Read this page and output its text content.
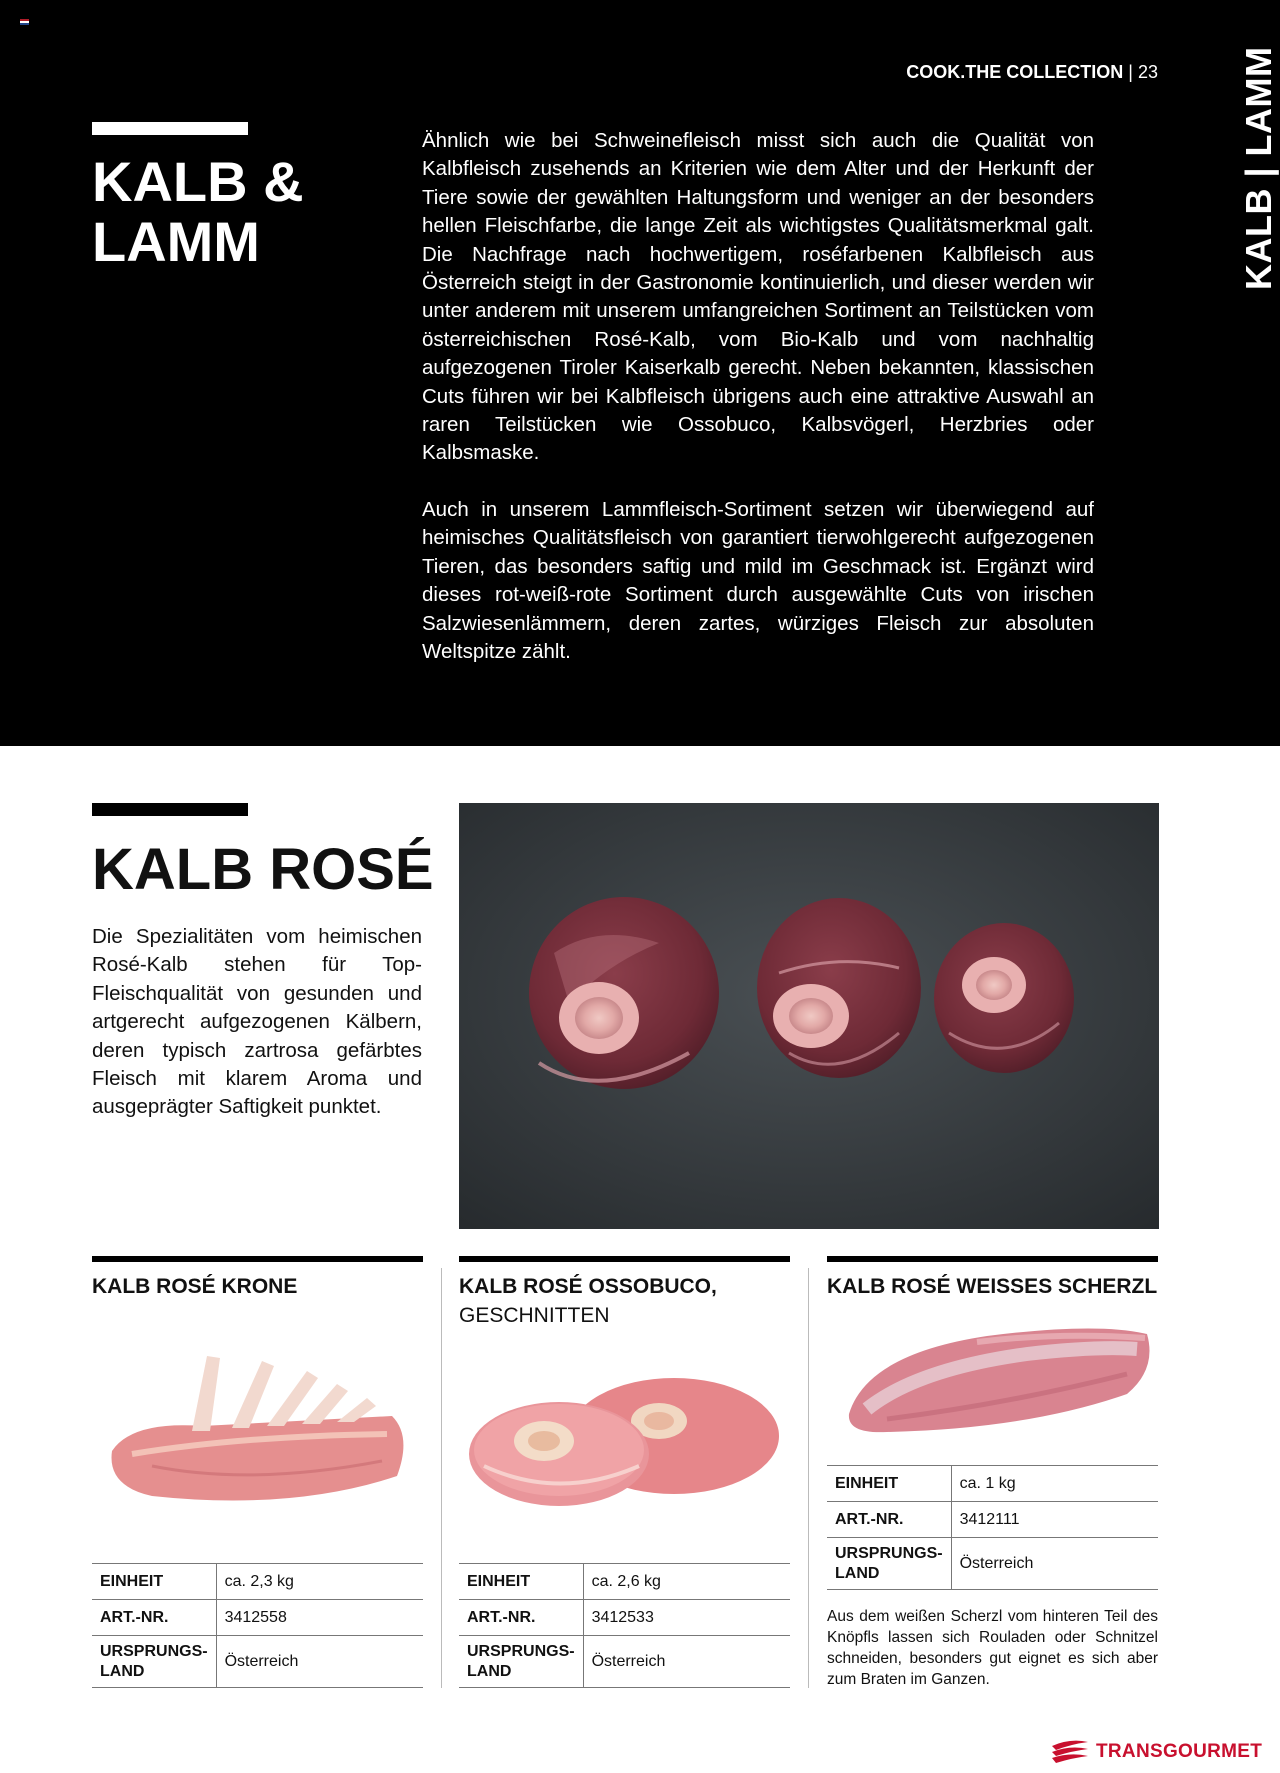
COOK.THE COLLECTION | 23 KALB | LAMM
KALB & LAMM

Ähnlich wie bei Schweinefleisch misst sich auch die Qualität von Kalbfleisch zusehends an Kriterien wie dem Alter und der Herkunft der Tiere sowie der gewählten Haltungsform und weniger an der besonders hellen Fleischfarbe, die lange Zeit als wichtigstes Qualitätsmerkmal galt. Die Nachfrage nach hochwertigem, roséfarbenen Kalbfleisch aus Österreich steigt in der Gastronomie kontinuierlich, und dieser werden wir unter anderem mit unserem umfangreichen Sortiment an Teilstücken vom österreichischen Rosé-Kalb, vom Bio-Kalb und vom nachhaltig aufgezogenen Tiroler Kaiserkalb gerecht. Neben bekannten, klassischen Cuts führen wir bei Kalbfleisch übrigens auch eine attraktive Auswahl an raren Teilstücken wie Ossobuco, Kalbsvögerl, Herzbries oder Kalbsmaske.

Auch in unserem Lammfleisch-Sortiment setzen wir überwiegend auf heimisches Qualitätsfleisch von garantiert tierwohlgerecht aufgezogenen Tieren, das besonders saftig und mild im Geschmack ist. Ergänzt wird dieses rot-weiß-rote Sortiment durch ausgewählte Cuts von irischen Salzwiesenlämmern, deren zartes, würziges Fleisch zur absoluten Weltspitze zählt.

KALB ROSÉ

Die Spezialitäten vom heimischen Rosé-Kalb stehen für Top-Fleischqualität von gesunden und artgerecht aufgezogenen Kälbern, deren typisch zartrosa gefärbtes Fleisch mit klarem Aroma und ausgeprägter Saftigkeit punktet.

KALB ROSÉ KRONE
EINHEIT	ca. 2,3 kg
ART.-NR.	3412558
URSPRUNGS-LAND	Österreich
KALB ROSÉ OSSOBUCO,
GESCHNITTEN
EINHEIT	ca. 2,6 kg
ART.-NR.	3412533
URSPRUNGS-LAND	Österreich
KALB ROSÉ WEISSES SCHERZL
EINHEIT	ca. 1 kg
ART.-NR.	3412111
URSPRUNGS-LAND	Österreich

Aus dem weißen Scherzl vom hinteren Teil des Knöpfls lassen sich Rouladen oder Schnitzel schneiden, besonders gut eignet es sich aber zum Braten im Ganzen.

TRANSGOURMET
